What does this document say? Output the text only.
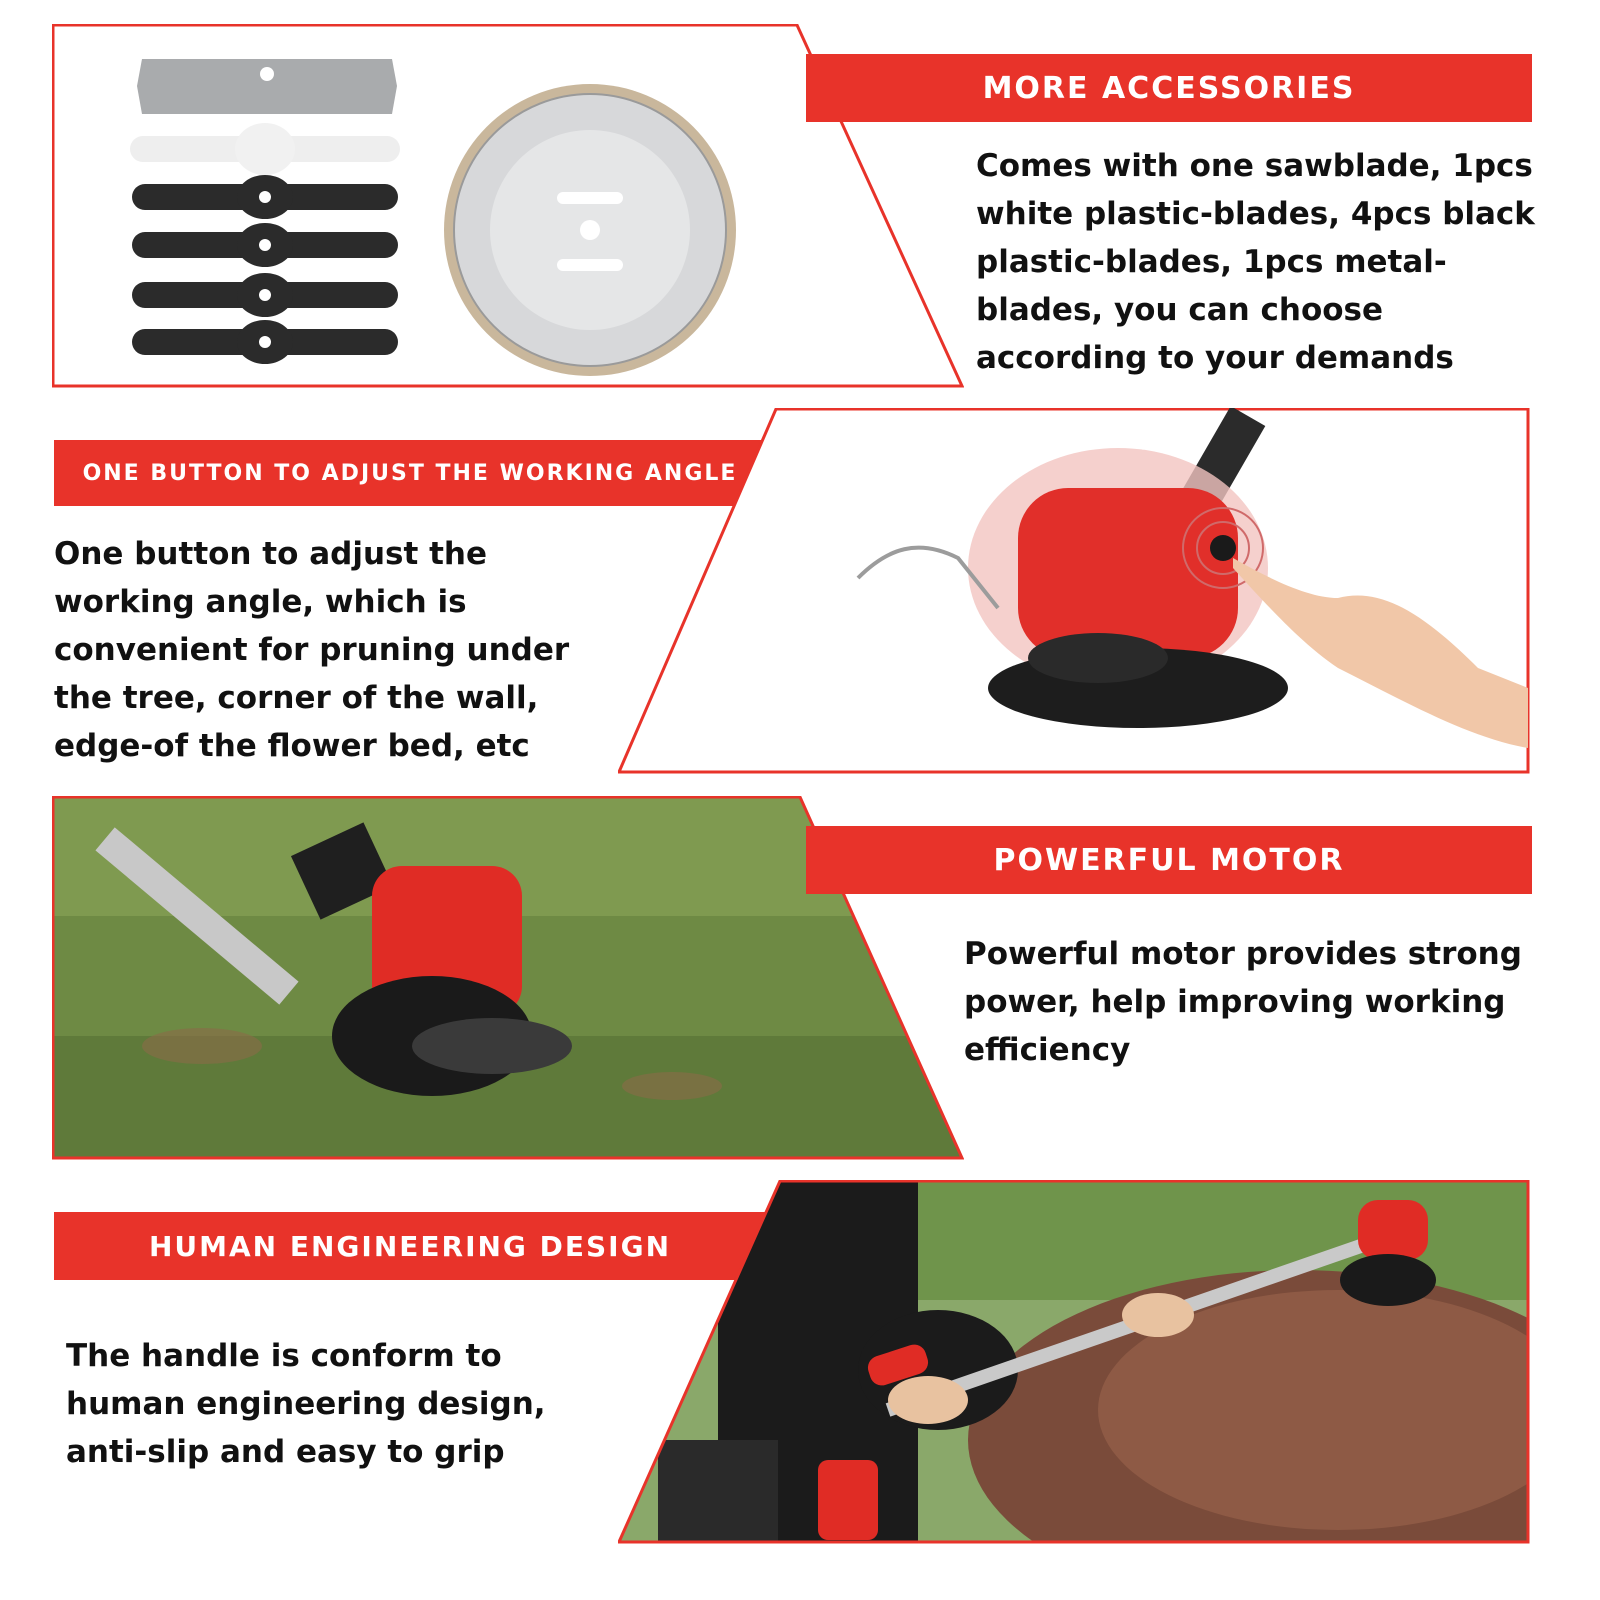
MORE ACCESSORIES

Comes with one sawblade, 1pcs white plastic-blades, 4pcs black plastic-blades, 1pcs metal-blades, you can choose according to your demands

ONE BUTTON TO ADJUST THE WORKING ANGLE

One button to adjust the working angle, which is convenient for pruning under the tree, corner of the wall, edge-of the flower bed, etc

POWERFUL MOTOR

Powerful motor provides strong power, help improving working efficiency

HUMAN ENGINEERING DESIGN

The handle is conform to human engineering design, anti-slip and easy to grip
